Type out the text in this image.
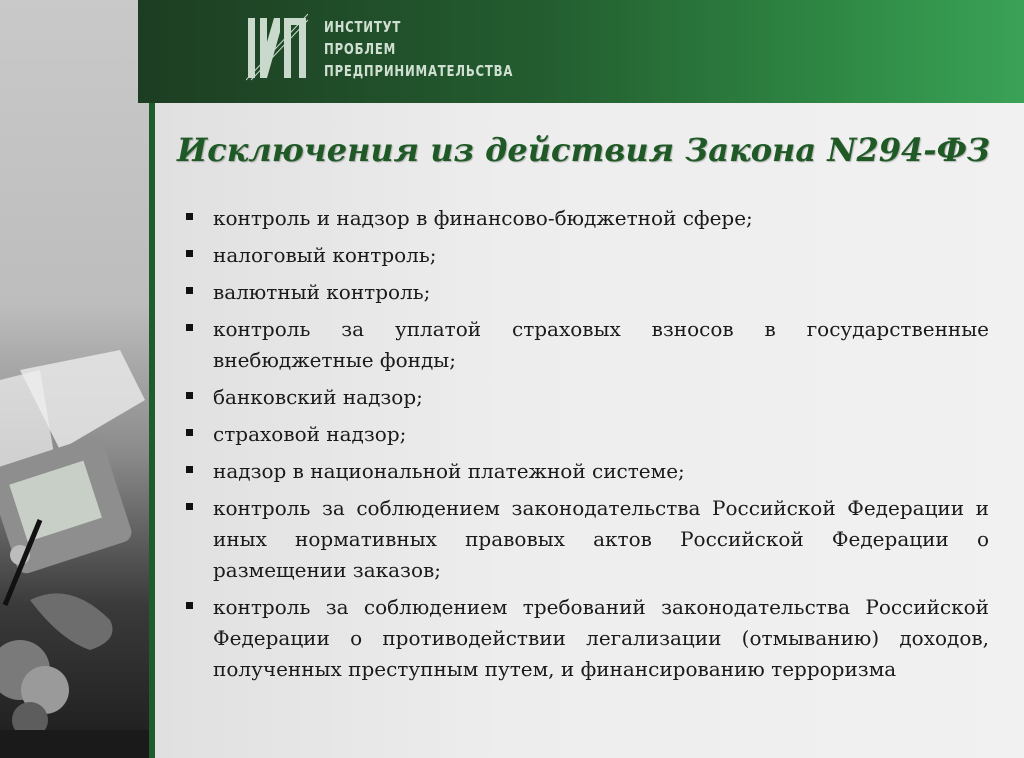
ИНСТИТУТ
ПРОБЛЕМ
ПРЕДПРИНИМАТЕЛЬСТВА
Исключения из действия Закона N294-ФЗ
контроль и надзор в финансово-бюджетной сфере;
налоговый контроль;
валютный контроль;
контроль за уплатой страховых взносов в государственные внебюджетные фонды;
банковский надзор;
страховой надзор;
надзор в национальной платежной системе;
контроль за соблюдением законодательства Российской Федерации и иных нормативных правовых актов Российской Федерации о размещении заказов;
контроль за соблюдением требований законодательства Российской Федерации о противодействии легализации (отмыванию) доходов, полученных преступным путем, и финансированию терроризма
